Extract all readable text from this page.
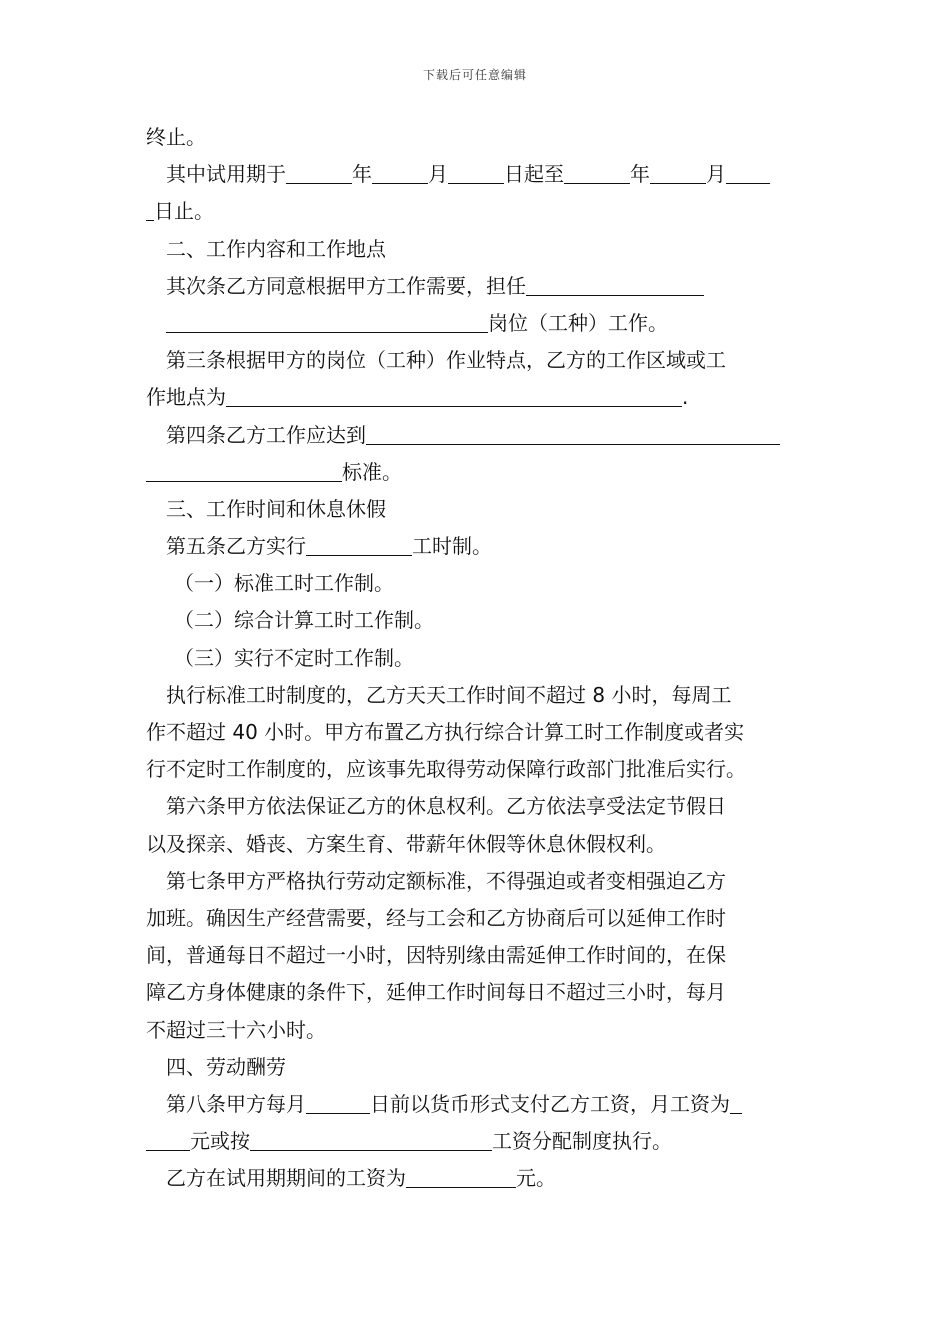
下载后可任意编辑
终止。
其中试用期于	年	月	日起至	年	月
日止。
二、工作内容和工作地点
其次条乙方同意根据甲方工作需要，担任
岗位（工种）工作。
第三条根据甲方的岗位（工种）作业特点，乙方的工作区域或工
作地点为	.
第四条乙方工作应达到
标准。
三、工作时间和休息休假
第五条乙方实行	工时制。
（一）标准工时工作制。
（二）综合计算工时工作制。
（三）实行不定时工作制。
执行标准工时制度的，乙方天天工作时间不超过 8 小时，每周工
作不超过 40 小时。甲方布置乙方执行综合计算工时工作制度或者实
行不定时工作制度的，应该事先取得劳动保障行政部门批准后实行。
第六条甲方依法保证乙方的休息权利。乙方依法享受法定节假日
以及探亲、婚丧、方案生育、带薪年休假等休息休假权利。
第七条甲方严格执行劳动定额标准，不得强迫或者变相强迫乙方
加班。确因生产经营需要，经与工会和乙方协商后可以延伸工作时
间，普通每日不超过一小时，因特别缘由需延伸工作时间的，在保
障乙方身体健康的条件下，延伸工作时间每日不超过三小时，每月
不超过三十六小时。
四、劳动酬劳
第八条甲方每月	日前以货币形式支付乙方工资，月工资为
元或按	工资分配制度执行。
乙方在试用期期间的工资为	元。
